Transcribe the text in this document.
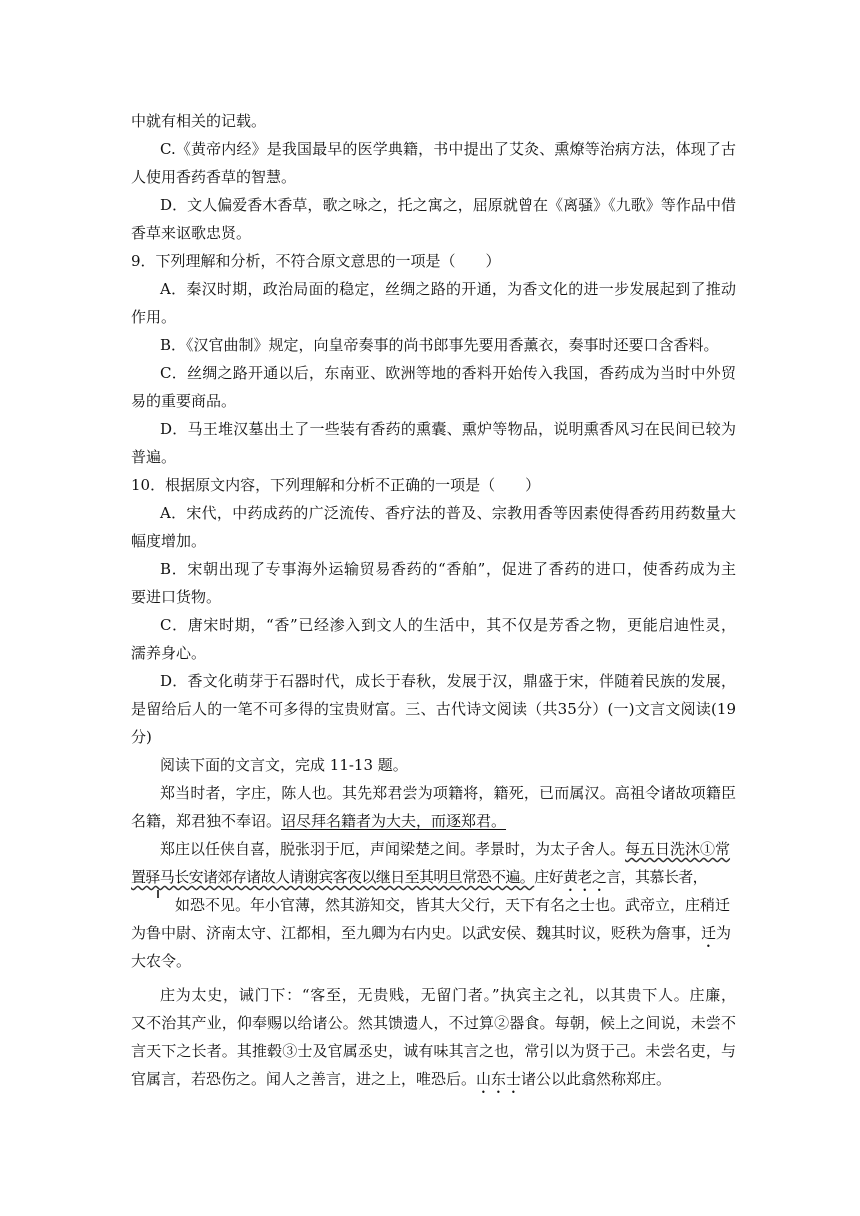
中就有相关的记载。
C.《黄帝内经》是我国最早的医学典籍，书中提出了艾灸、熏燎等治病方法，体现了古
人使用香药香草的智慧。
D．文人偏爱香木香草，歌之咏之，托之寓之，屈原就曾在《离骚》《九歌》等作品中借
香草来讴歌忠贤。
9．下列理解和分析，不符合原文意思的一项是（　　）
A．秦汉时期，政治局面的稳定，丝绸之路的开通，为香文化的进一步发展起到了推动
作用。
B．《汉官曲制》规定，向皇帝奏事的尚书郎事先要用香薰衣，奏事时还要口含香料。
C．丝绸之路开通以后，东南亚、欧洲等地的香料开始传入我国，香药成为当时中外贸
易的重要商品。
D．马王堆汉墓出土了一些装有香药的熏囊、熏炉等物品，说明熏香风习在民间已较为
普遍。
10．根据原文内容，下列理解和分析不正确的一项是（　　）
A．宋代，中药成药的广泛流传、香疗法的普及、宗教用香等因素使得香药用药数量大
幅度增加。
B．宋朝出现了专事海外运输贸易香药的“香舶”，促进了香药的进口，使香药成为主
要进口货物。
C．唐宋时期，“香”已经渗入到文人的生活中，其不仅是芳香之物，更能启迪性灵，
濡养身心。
D．香文化萌芽于石器时代，成长于春秋，发展于汉，鼎盛于宋，伴随着民族的发展，
是留给后人的一笔不可多得的宝贵财富。三、古代诗文阅读（共35分）(一)文言文阅读(19
分)
阅读下面的文言文，完成 11-13 题。
郑当时者，字庄，陈人也。其先郑君尝为项籍将，籍死，已而属汉。高祖令诸故项籍臣
名籍，郑君独不奉诏。诏尽拜名籍者为大夫，而逐郑君。
郑庄以任侠自喜，脱张羽于厄，声闻梁楚之间。孝景时，为太子舍人。每五日洗沐①常
置驿马长安诸郊存诸故人请谢宾客夜以继日至其明旦常恐不遍。庄好黄老之言，其慕长者，
如恐不见。年小官薄，然其游知交，皆其大父行，天下有名之士也。武帝立，庄稍迁
为鲁中尉、济南太守、江都相，至九卿为右内史。以武安侯、魏其时议，贬秩为詹事，迁为
大农令。
庄为太史，诫门下：“客至，无贵贱，无留门者。”执宾主之礼，以其贵下人。庄廉，
又不治其产业，仰奉赐以给诸公。然其馈遗人，不过算②器食。每朝，候上之间说，未尝不
言天下之长者。其推毂③士及官属丞史，诚有味其言之也，常引以为贤于己。未尝名吏，与
官属言，若恐伤之。闻人之善言，进之上，唯恐后。山东士诸公以此翕然称郑庄。
